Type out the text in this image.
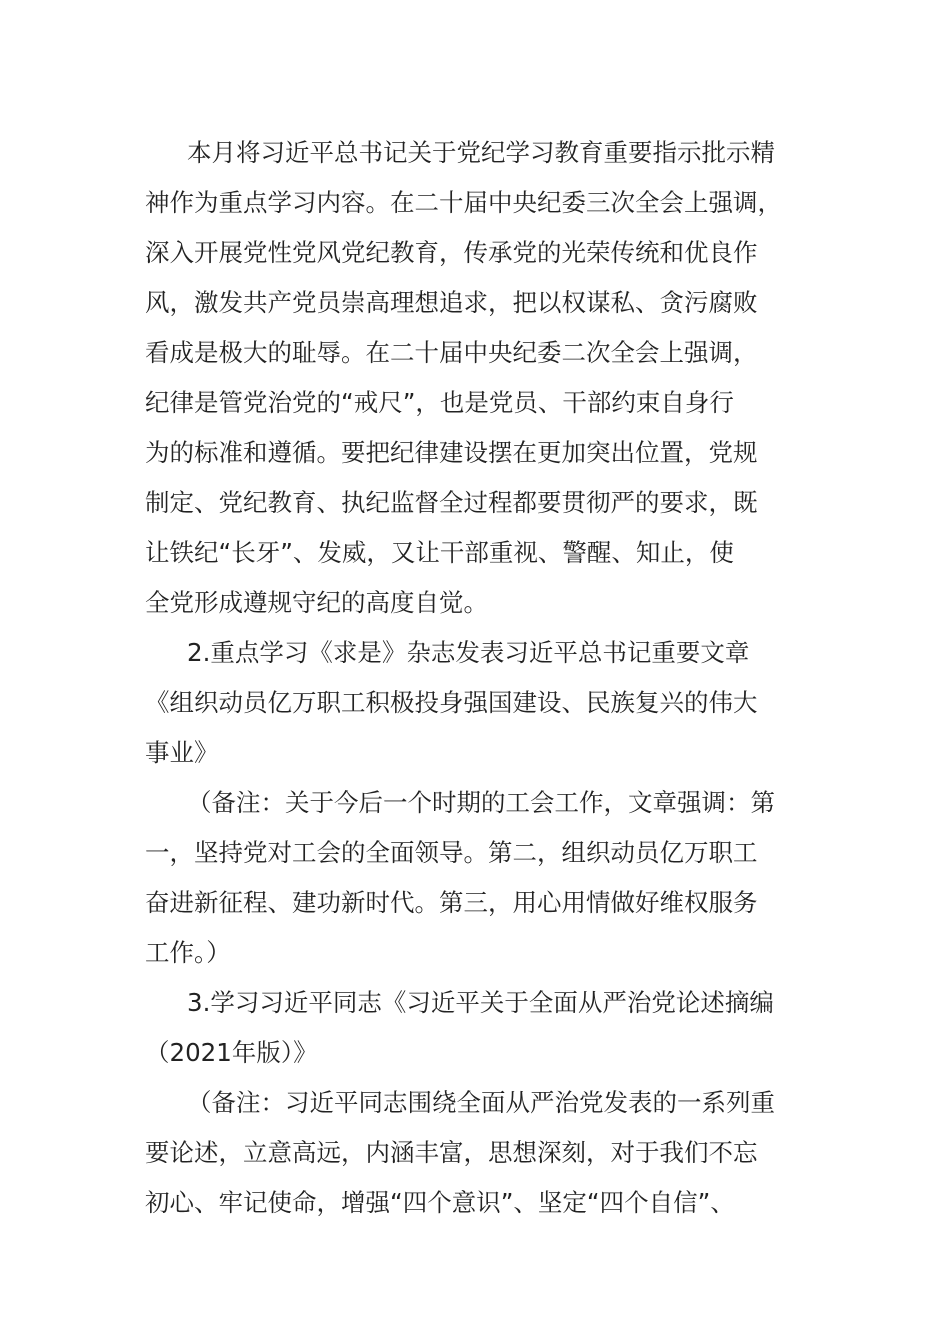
本月将习近平总书记关于党纪学习教育重要指示批示精
神作为重点学习内容。在二十届中央纪委三次全会上强调，
深入开展党性党风党纪教育，传承党的光荣传统和优良作
风，激发共产党员崇高理想追求，把以权谋私、贪污腐败
看成是极大的耻辱。在二十届中央纪委二次全会上强调，
纪律是管党治党的“戒尺”，也是党员、干部约束自身行
为的标准和遵循。要把纪律建设摆在更加突出位置，党规
制定、党纪教育、执纪监督全过程都要贯彻严的要求，既
让铁纪“长牙”、发威，又让干部重视、警醒、知止，使
全党形成遵规守纪的高度自觉。
2.重点学习《求是》杂志发表习近平总书记重要文章
《组织动员亿万职工积极投身强国建设、民族复兴的伟大
事业》
（备注：关于今后一个时期的工会工作，文章强调：第
一，坚持党对工会的全面领导。第二，组织动员亿万职工
奋进新征程、建功新时代。第三，用心用情做好维权服务
工作。）
3.学习习近平同志《习近平关于全面从严治党论述摘编
（2021年版）》
（备注：习近平同志围绕全面从严治党发表的一系列重
要论述，立意高远，内涵丰富，思想深刻，对于我们不忘
初心、牢记使命，增强“四个意识”、坚定“四个自信”、
